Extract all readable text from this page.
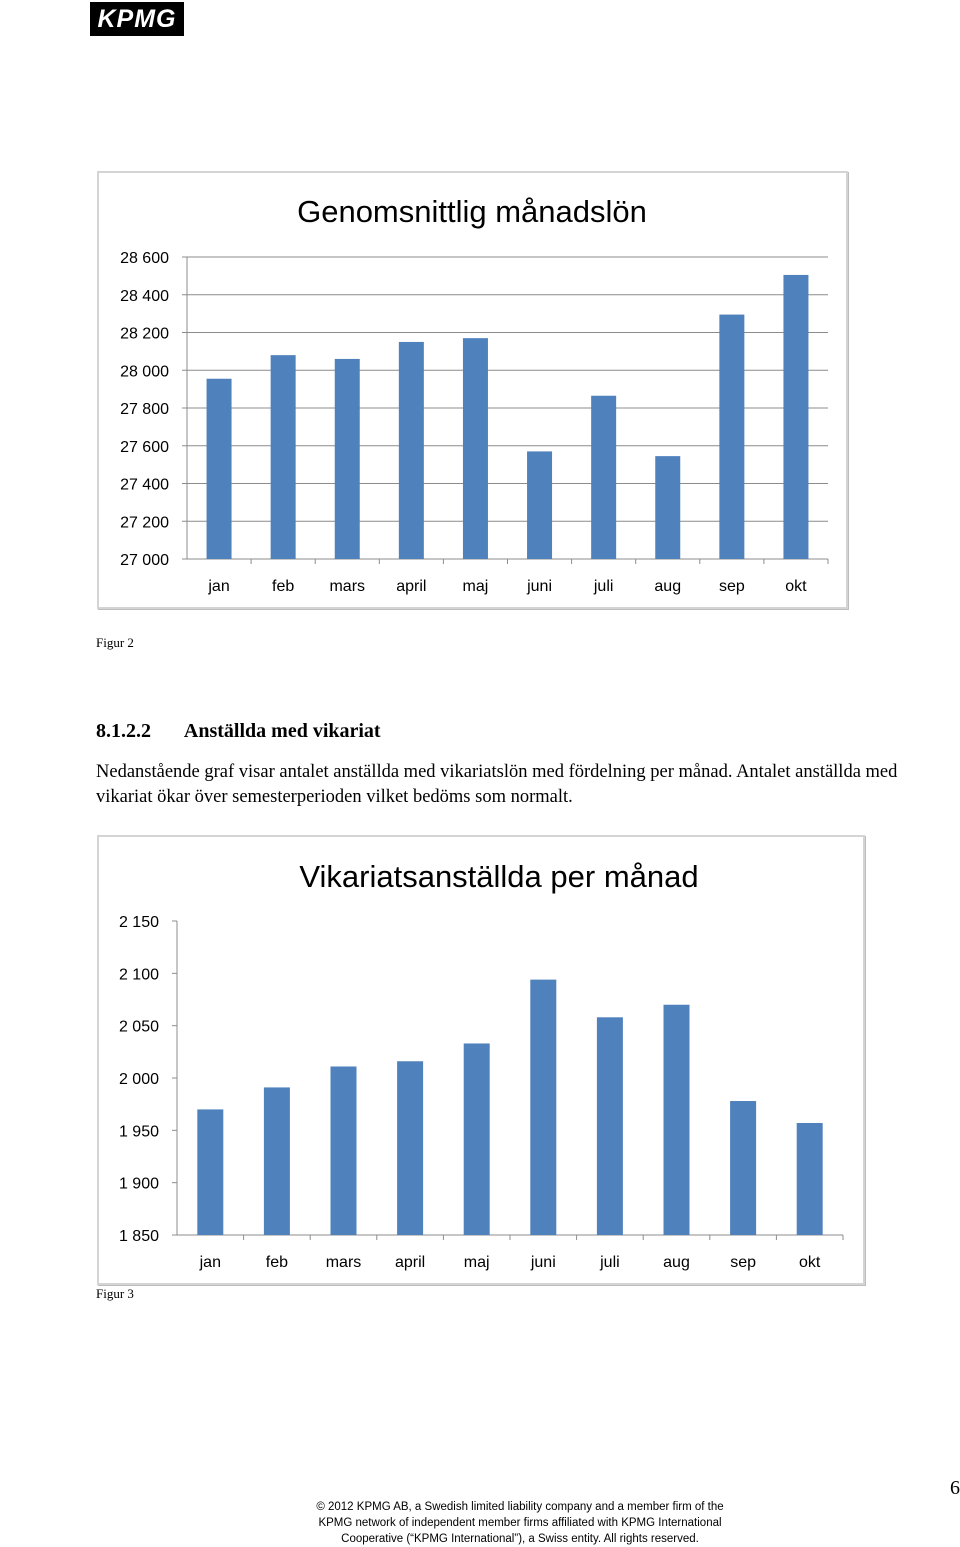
KPMG
Genomsnittlig månadslön
27 000
27 200
27 400
27 600
27 800
28 000
28 200
28 400
28 600
jan	feb mars april maj juni	juli	aug sep	okt
Figur 2
8.1.2.2 Anställda med vikariat
Nedanstående graf visar antalet anställda med vikariatslön med fördelning per månad. Antalet anställda med vikariat ökar över semesterperioden vilket bedöms som normalt.
Vikariatsanställda per månad
1 850
1 900
1 950
2 000
2 050
2 100
2 150
jan	feb mars april maj	juni	juli	aug	sep	okt
Figur 3
© 2012 KPMG AB, a Swedish limited liability company and a member firm of the
KPMG network of independent member firms affiliated with KPMG International
Cooperative (“KPMG International”), a Swiss entity. All rights reserved.
6
